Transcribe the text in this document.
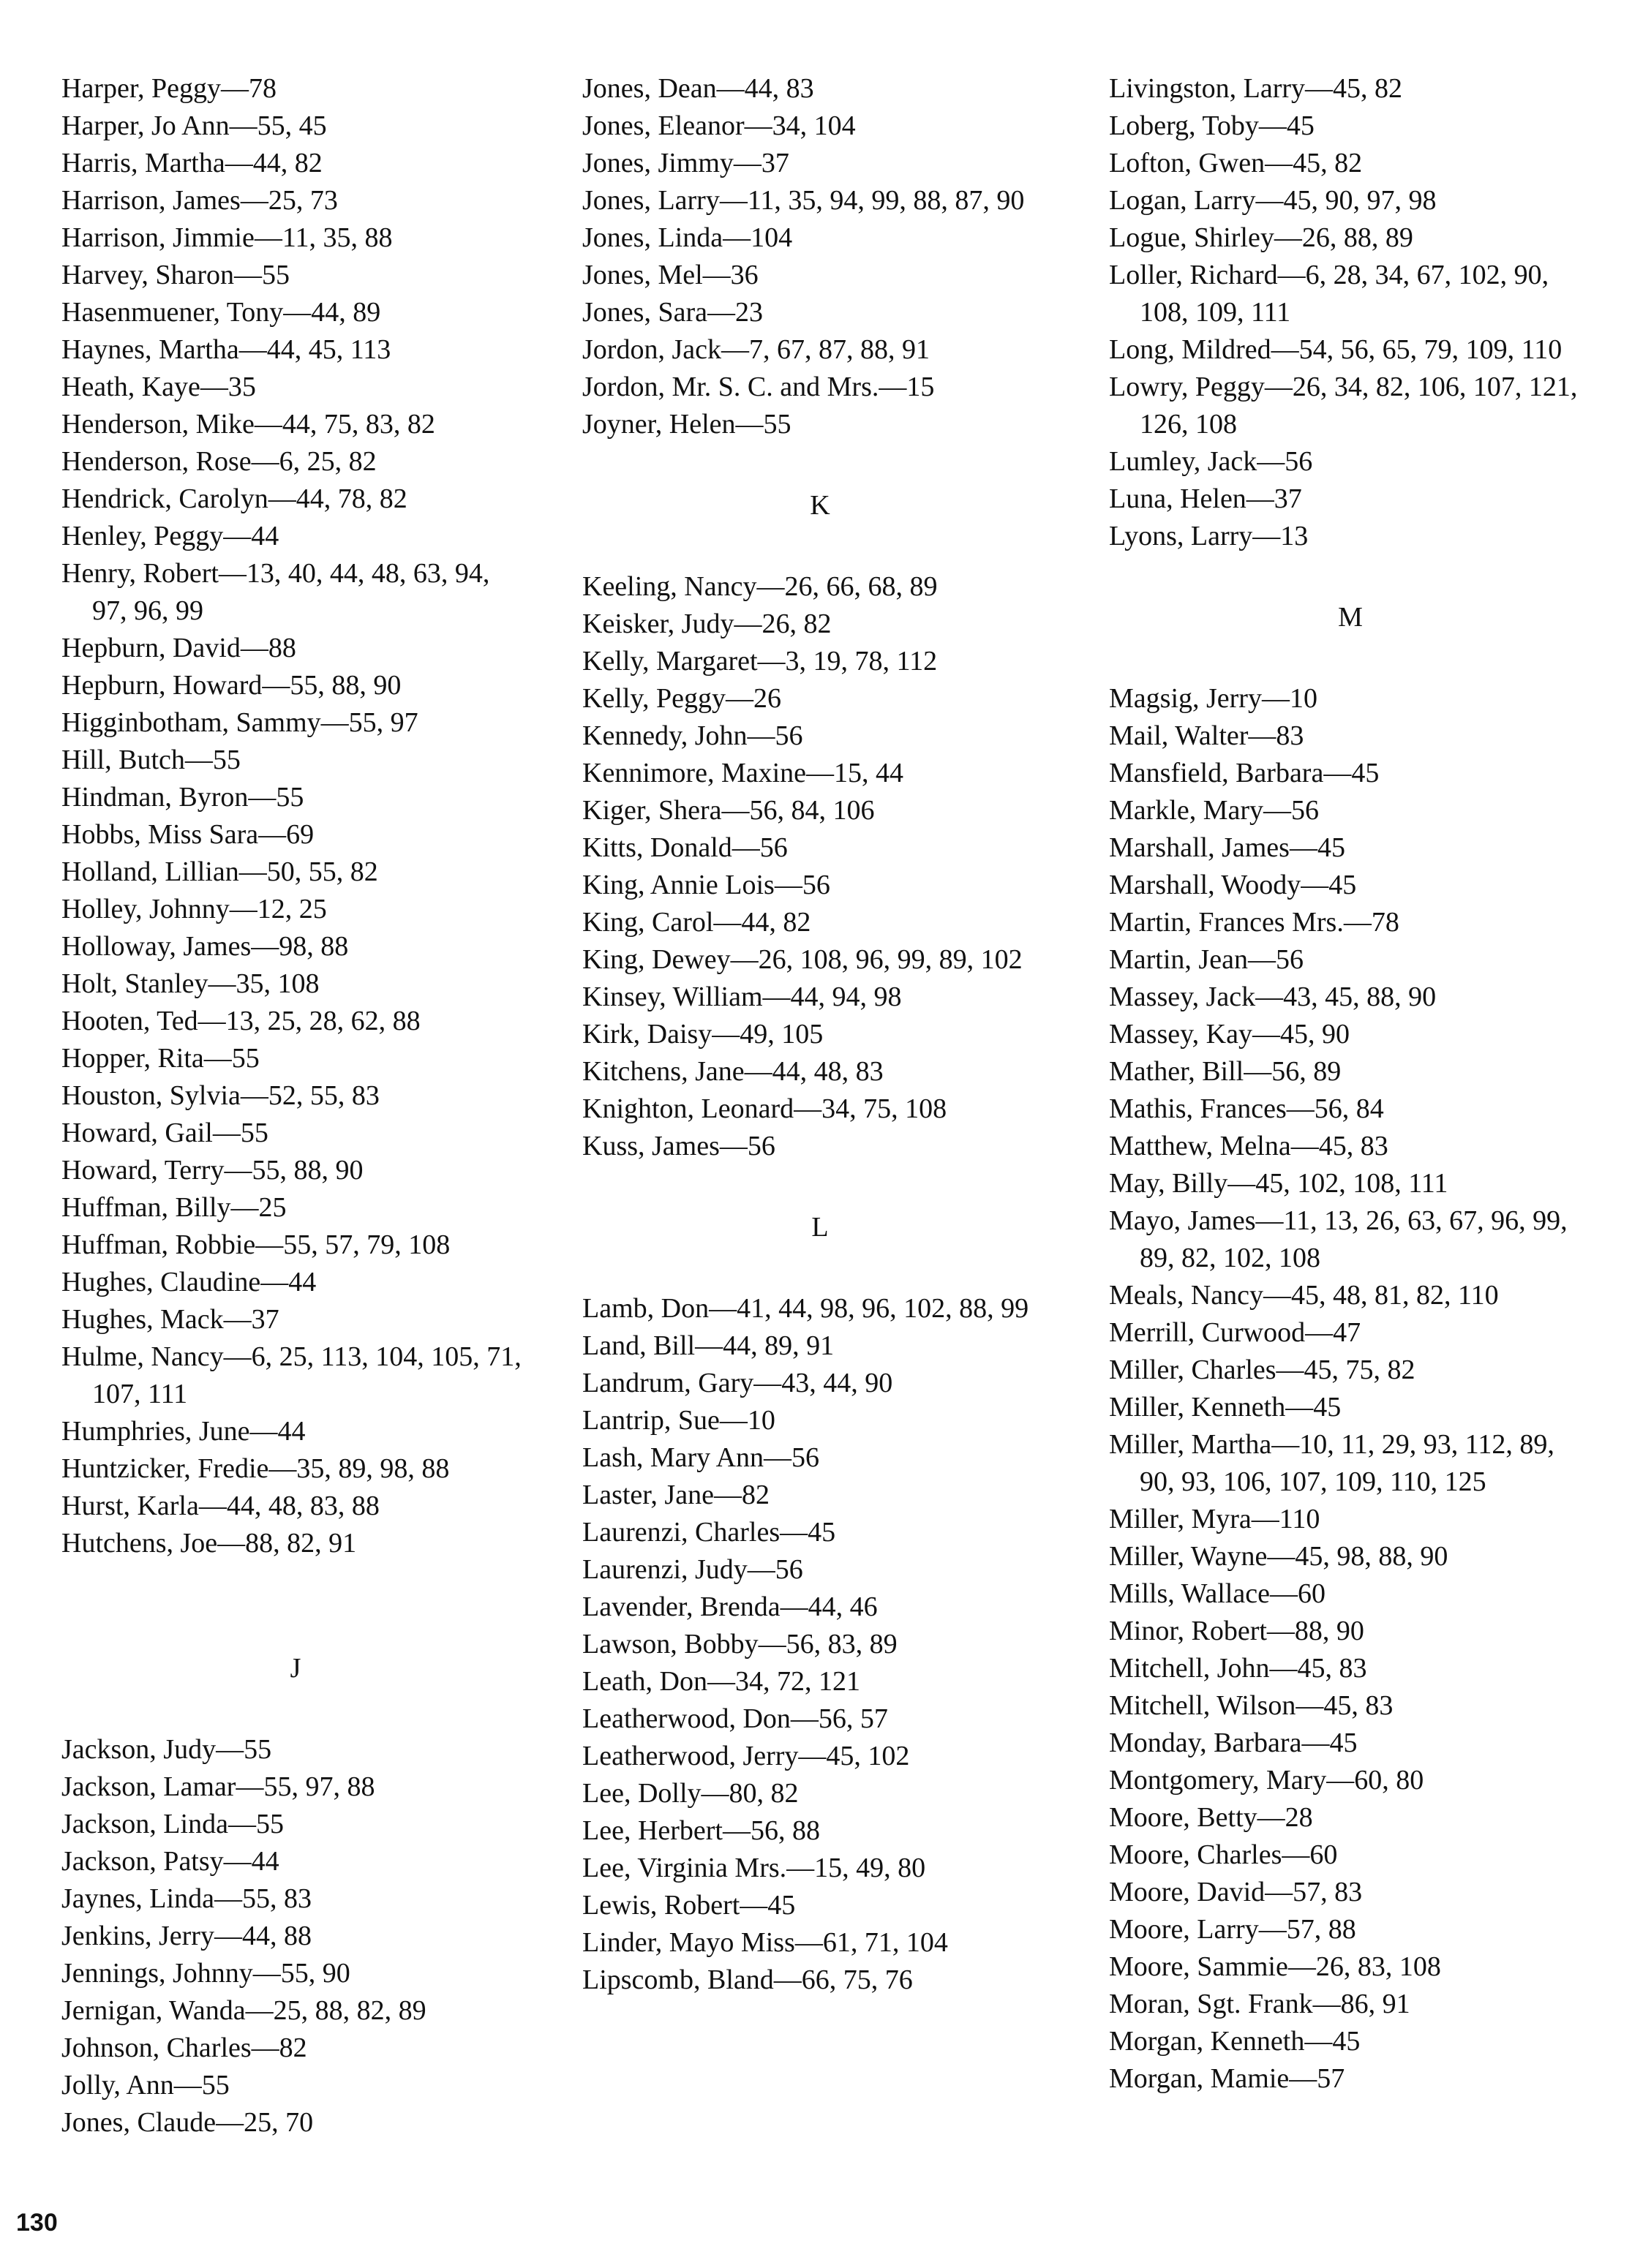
Harper, Peggy—78

Harper, Jo Ann—55, 45

Harris, Martha—44, 82

Harrison, James—25, 73

Harrison, Jimmie—11, 35, 88

Harvey, Sharon—55

Hasenmuener, Tony—44, 89

Haynes, Martha—44, 45, 113

Heath, Kaye—35

Henderson, Mike—44, 75, 83, 82

Henderson, Rose—6, 25, 82

Hendrick, Carolyn—44, 78, 82

Henley, Peggy—44

Henry, Robert—13, 40, 44, 48, 63, 94, 97, 96, 99

Hepburn, David—88

Hepburn, Howard—55, 88, 90

Higginbotham, Sammy—55, 97

Hill, Butch—55

Hindman, Byron—55

Hobbs, Miss Sara—69

Holland, Lillian—50, 55, 82

Holley, Johnny—12, 25

Holloway, James—98, 88

Holt, Stanley—35, 108

Hooten, Ted—13, 25, 28, 62, 88

Hopper, Rita—55

Houston, Sylvia—52, 55, 83

Howard, Gail—55

Howard, Terry—55, 88, 90

Huffman, Billy—25

Huffman, Robbie—55, 57, 79, 108

Hughes, Claudine—44

Hughes, Mack—37

Hulme, Nancy—6, 25, 113, 104, 105, 71, 107, 111

Humphries, June—44

Huntzicker, Fredie—35, 89, 98, 88

Hurst, Karla—44, 48, 83, 88

Hutchens, Joe—88, 82, 91

J

Jackson, Judy—55

Jackson, Lamar—55, 97, 88

Jackson, Linda—55

Jackson, Patsy—44

Jaynes, Linda—55, 83

Jenkins, Jerry—44, 88

Jennings, Johnny—55, 90

Jernigan, Wanda—25, 88, 82, 89

Johnson, Charles—82

Jolly, Ann—55

Jones, Claude—25, 70

Jones, Dean—44, 83

Jones, Eleanor—34, 104

Jones, Jimmy—37

Jones, Larry—11, 35, 94, 99, 88, 87, 90

Jones, Linda—104

Jones, Mel—36

Jones, Sara—23

Jordon, Jack—7, 67, 87, 88, 91

Jordon, Mr. S. C. and Mrs.—15

Joyner, Helen—55

K

Keeling, Nancy—26, 66, 68, 89

Keisker, Judy—26, 82

Kelly, Margaret—3, 19, 78, 112

Kelly, Peggy—26

Kennedy, John—56

Kennimore, Maxine—15, 44

Kiger, Shera—56, 84, 106

Kitts, Donald—56

King, Annie Lois—56

King, Carol—44, 82

King, Dewey—26, 108, 96, 99, 89, 102

Kinsey, William—44, 94, 98

Kirk, Daisy—49, 105

Kitchens, Jane—44, 48, 83

Knighton, Leonard—34, 75, 108

Kuss, James—56

L

Lamb, Don—41, 44, 98, 96, 102, 88, 99

Land, Bill—44, 89, 91

Landrum, Gary—43, 44, 90

Lantrip, Sue—10

Lash, Mary Ann—56

Laster, Jane—82

Laurenzi, Charles—45

Laurenzi, Judy—56

Lavender, Brenda—44, 46

Lawson, Bobby—56, 83, 89

Leath, Don—34, 72, 121

Leatherwood, Don—56, 57

Leatherwood, Jerry—45, 102

Lee, Dolly—80, 82

Lee, Herbert—56, 88

Lee, Virginia Mrs.—15, 49, 80

Lewis, Robert—45

Linder, Mayo Miss—61, 71, 104

Lipscomb, Bland—66, 75, 76

Livingston, Larry—45, 82

Loberg, Toby—45

Lofton, Gwen—45, 82

Logan, Larry—45, 90, 97, 98

Logue, Shirley—26, 88, 89

Loller, Richard—6, 28, 34, 67, 102, 90, 108, 109, 111

Long, Mildred—54, 56, 65, 79, 109, 110

Lowry, Peggy—26, 34, 82, 106, 107, 121, 126, 108

Lumley, Jack—56

Luna, Helen—37

Lyons, Larry—13

M

Magsig, Jerry—10

Mail, Walter—83

Mansfield, Barbara—45

Markle, Mary—56

Marshall, James—45

Marshall, Woody—45

Martin, Frances Mrs.—78

Martin, Jean—56

Massey, Jack—43, 45, 88, 90

Massey, Kay—45, 90

Mather, Bill—56, 89

Mathis, Frances—56, 84

Matthew, Melna—45, 83

May, Billy—45, 102, 108, 111

Mayo, James—11, 13, 26, 63, 67, 96, 99, 89, 82, 102, 108

Meals, Nancy—45, 48, 81, 82, 110

Merrill, Curwood—47

Miller, Charles—45, 75, 82

Miller, Kenneth—45

Miller, Martha—10, 11, 29, 93, 112, 89, 90, 93, 106, 107, 109, 110, 125

Miller, Myra—110

Miller, Wayne—45, 98, 88, 90

Mills, Wallace—60

Minor, Robert—88, 90

Mitchell, John—45, 83

Mitchell, Wilson—45, 83

Monday, Barbara—45

Montgomery, Mary—60, 80

Moore, Betty—28

Moore, Charles—60

Moore, David—57, 83

Moore, Larry—57, 88

Moore, Sammie—26, 83, 108

Moran, Sgt. Frank—86, 91

Morgan, Kenneth—45

Morgan, Mamie—57

130
